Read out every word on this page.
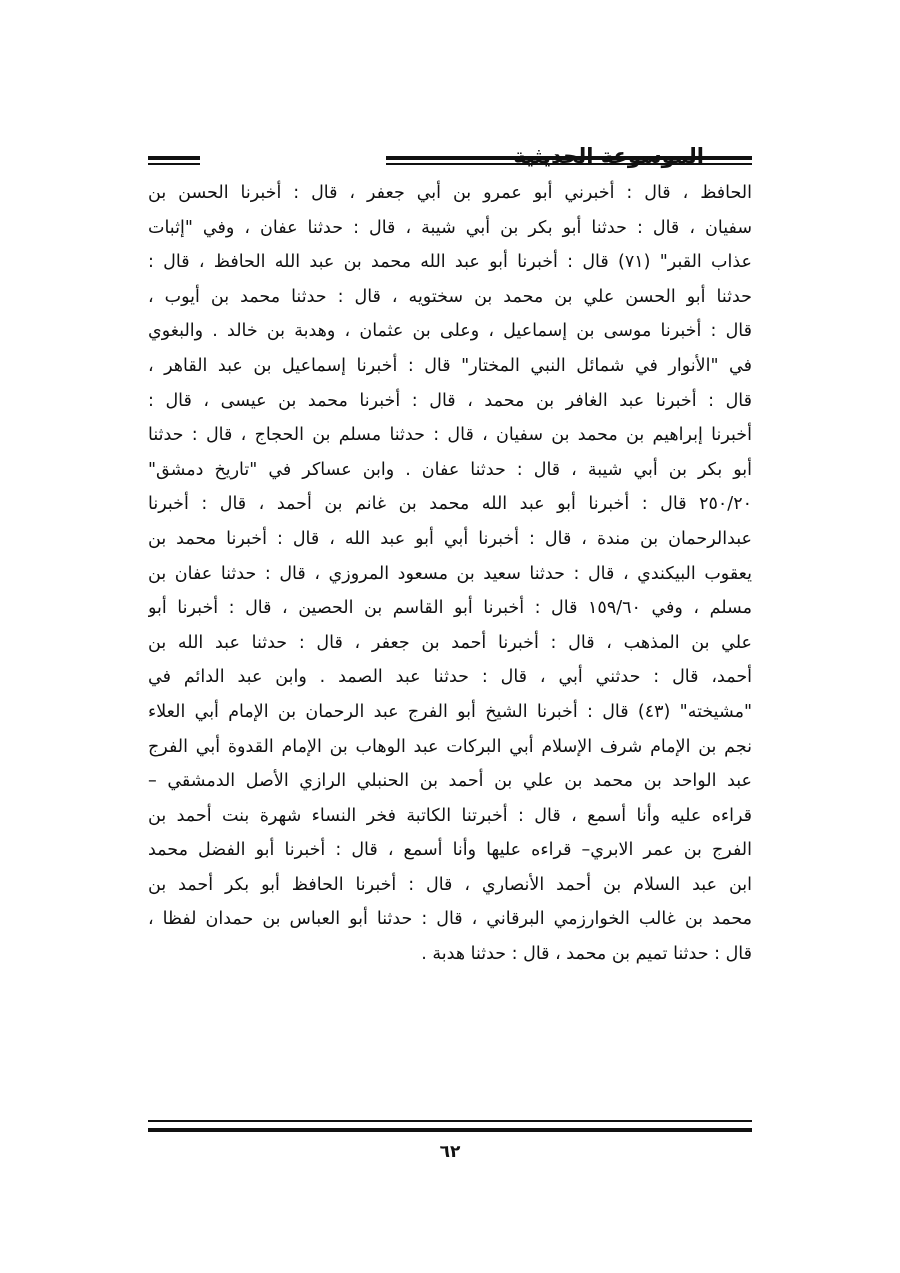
الموسوعة الحديثية
الحافظ ، قال : أخبرني أبو عمرو بن أبي جعفر ، قال : أخبرنا الحسن بن
سفيان ، قال : حدثنا أبو بكر بن أبي شيبة ، قال : حدثنا عفان ، وفي "إثبات
عذاب القبر" (٧١) قال : أخبرنا أبو عبد الله محمد بن عبد الله الحافظ ، قال :
حدثنا أبو الحسن علي بن محمد بن سختويه ، قال : حدثنا محمد بن أيوب ،
قال : أخبرنا موسى بن إسماعيل ، وعلى بن عثمان ، وهدبة بن خالد . والبغوي
في "الأنوار في شمائل النبي المختار" قال : أخبرنا إسماعيل بن عبد القاهر ،
قال : أخبرنا عبد الغافر بن محمد ، قال : أخبرنا محمد بن عيسى ، قال :
أخبرنا إبراهيم بن محمد بن سفيان ، قال : حدثنا مسلم بن الحجاج ، قال : حدثنا
أبو بكر بن أبي شيبة ، قال : حدثنا عفان . وابن عساكر في "تاريخ دمشق"
٢٥٠/٢٠ قال : أخبرنا أبو عبد الله محمد بن غانم بن أحمد ، قال : أخبرنا
عبدالرحمان بن مندة ، قال : أخبرنا أبي أبو عبد الله ، قال : أخبرنا محمد بن
يعقوب البيكندي ، قال : حدثنا سعيد بن مسعود المروزي ، قال : حدثنا عفان بن
مسلم ، وفي ١٥٩/٦٠ قال : أخبرنا أبو القاسم بن الحصين ، قال : أخبرنا أبو
علي بن المذهب ، قال : أخبرنا أحمد بن جعفر ، قال : حدثنا عبد الله بن
أحمد، قال : حدثني أبي ، قال : حدثنا عبد الصمد . وابن عبد الدائم في
"مشيخته" (٤٣) قال : أخبرنا الشيخ أبو الفرج عبد الرحمان بن الإمام أبي العلاء
نجم بن الإمام شرف الإسلام أبي البركات عبد الوهاب بن الإمام القدوة أبي الفرج
عبد الواحد بن محمد بن علي بن أحمد بن الحنبلي الرازي الأصل الدمشقي –
قراءه عليه وأنا أسمع ، قال : أخبرتنا الكاتبة فخر النساء شهرة بنت أحمد بن
الفرج بن عمر الابري– قراءه عليها وأنا أسمع ، قال : أخبرنا أبو الفضل محمد
ابن عبد السلام بن أحمد الأنصاري ، قال : أخبرنا الحافظ أبو بكر أحمد بن
محمد بن غالب الخوارزمي البرقاني ، قال : حدثنا أبو العباس بن حمدان لفظا ،
قال : حدثنا تميم بن محمد ، قال : حدثنا هدبة .
٦٢
